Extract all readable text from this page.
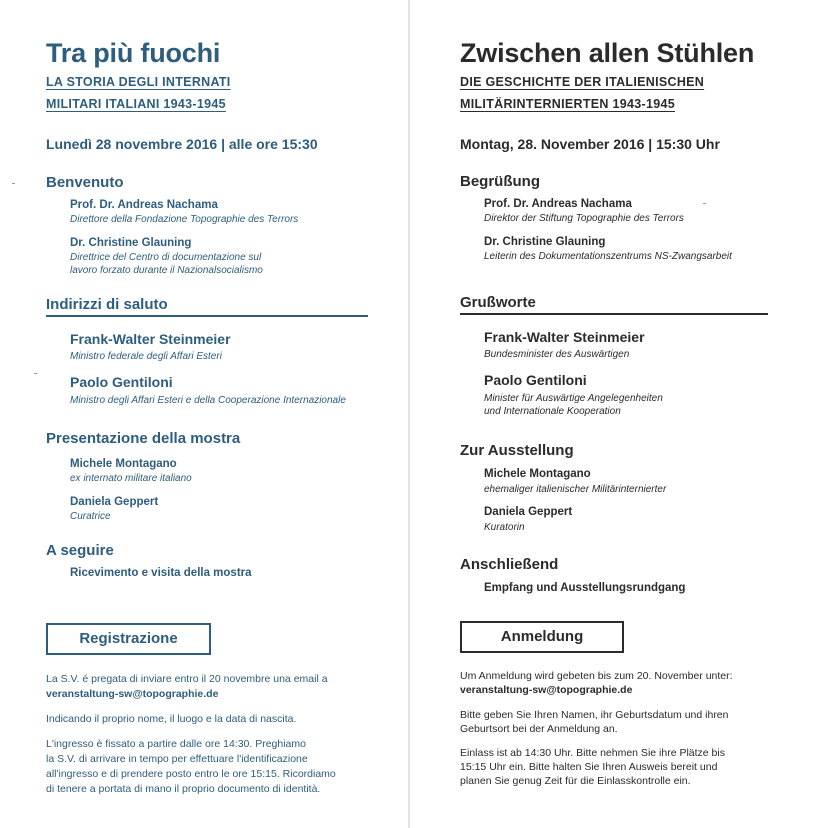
Tra più fuochi
LA STORIA DEGLI INTERNATI
MILITARI ITALIANI 1943-1945
Lunedì 28 novembre 2016 | alle ore 15:30
Benvenuto
Prof. Dr. Andreas Nachama
Direttore della Fondazione Topographie des Terrors
Dr. Christine Glauning
Direttrice del Centro di documentazione sul
lavoro forzato durante il Nazionalsocialismo
Indirizzi di saluto
Frank-Walter Steinmeier
Ministro federale degli Affari Esteri
Paolo Gentiloni
Ministro degli Affari Esteri e della Cooperazione Internazionale
Presentazione della mostra
Michele Montagano
ex internato militare italiano
Daniela Geppert
Curatrice
A seguire
Ricevimento e visita della mostra
Registrazione
La S.V. é pregata di inviare entro il 20 novembre una email a
veranstaltung-sw@topographie.de
Indicando il proprio nome, il luogo e la data di nascita.
L'ingresso è fissato a partire dalle ore 14:30. Preghiamo
la S.V. di arrivare in tempo per effettuare l'identificazione
all'ingresso e di prendere posto entro le ore 15:15. Ricordiamo
di tenere a portata di mano il proprio documento di identità.
Zwischen allen Stühlen
DIE GESCHICHTE DER ITALIENISCHEN
MILITÄRINTERNIERTEN 1943-1945
Montag, 28. November 2016 | 15:30 Uhr
Begrüßung
Prof. Dr. Andreas Nachama
Direktor der Stiftung Topographie des Terrors
Dr. Christine Glauning
Leiterin des Dokumentationszentrums NS-Zwangsarbeit
Grußworte
Frank-Walter Steinmeier
Bundesminister des Auswärtigen
Paolo Gentiloni
Minister für Auswärtige Angelegenheiten
und Internationale Kooperation
Zur Ausstellung
Michele Montagano
ehemaliger italienischer Militärinternierter
Daniela Geppert
Kuratorin
Anschließend
Empfang und Ausstellungsrundgang
Anmeldung
Um Anmeldung wird gebeten bis zum 20. November unter:
veranstaltung-sw@topographie.de
Bitte geben Sie Ihren Namen, ihr Geburtsdatum und ihren
Geburtsort bei der Anmeldung an.
Einlass ist ab 14:30 Uhr. Bitte nehmen Sie ihre Plätze bis
15:15 Uhr ein. Bitte halten Sie Ihren Ausweis bereit und
planen Sie genug Zeit für die Einlasskontrolle ein.
